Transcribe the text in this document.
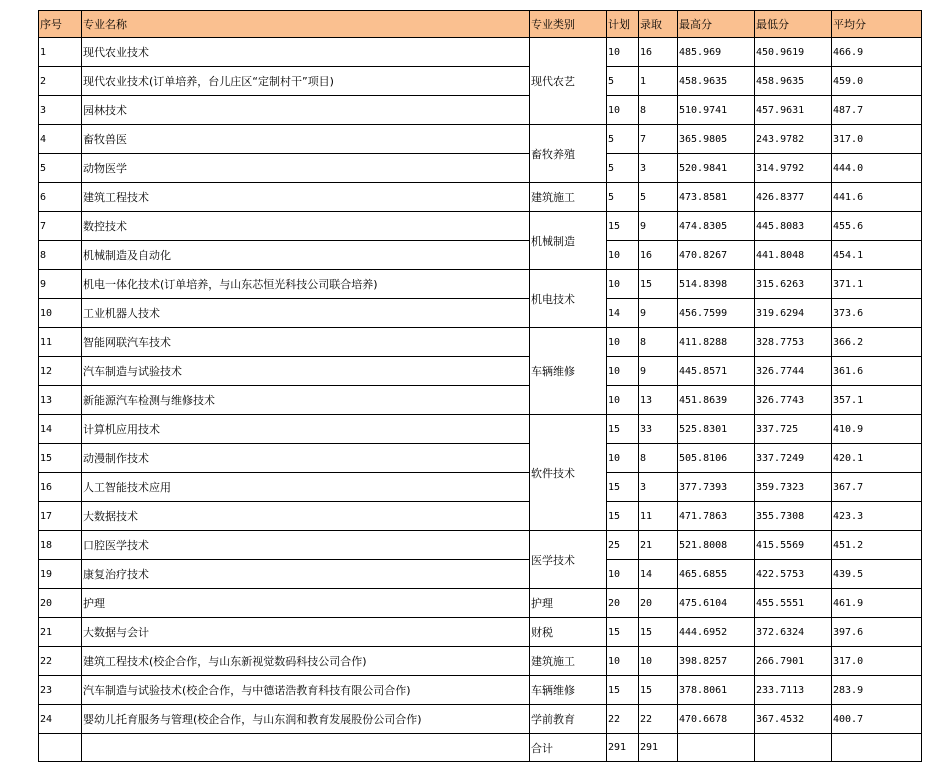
序号	专业名称	专业类别	计划	录取	最高分	最低分	平均分
1	现代农业技术	现代农艺	10	16	485.969	450.9619	466.9
2	现代农业技术(订单培养，台儿庄区“定制村干”项目)		5	1	458.9635	458.9635	459.0
3	园林技术		10	8	510.9741	457.9631	487.7
4	畜牧兽医	畜牧养殖	5	7	365.9805	243.9782	317.0
5	动物医学		5	3	520.9841	314.9792	444.0
6	建筑工程技术	建筑施工	5	5	473.8581	426.8377	441.6
7	数控技术	机械制造	15	9	474.8305	445.8083	455.6
8	机械制造及自动化		10	16	470.8267	441.8048	454.1
9	机电一体化技术(订单培养，与山东芯恒光科技公司联合培养)	机电技术	10	15	514.8398	315.6263	371.1
10	工业机器人技术		14	9	456.7599	319.6294	373.6
11	智能网联汽车技术	车辆维修	10	8	411.8288	328.7753	366.2
12	汽车制造与试验技术		10	9	445.8571	326.7744	361.6
13	新能源汽车检测与维修技术		10	13	451.8639	326.7743	357.1
14	计算机应用技术	软件技术	15	33	525.8301	337.725	410.9
15	动漫制作技术		10	8	505.8106	337.7249	420.1
16	人工智能技术应用		15	3	377.7393	359.7323	367.7
17	大数据技术		15	11	471.7863	355.7308	423.3
18	口腔医学技术	医学技术	25	21	521.8008	415.5569	451.2
19	康复治疗技术		10	14	465.6855	422.5753	439.5
20	护理	护理	20	20	475.6104	455.5551	461.9
21	大数据与会计	财税	15	15	444.6952	372.6324	397.6
22	建筑工程技术(校企合作，与山东新视觉数码科技公司合作)	建筑施工	10	10	398.8257	266.7901	317.0
23	汽车制造与试验技术(校企合作，与中德诺浩教育科技有限公司合作)	车辆维修	15	15	378.8061	233.7113	283.9
24	婴幼儿托育服务与管理(校企合作，与山东润和教育发展股份公司合作)	学前教育	22	22	470.6678	367.4532	400.7
		合计	291	291			
